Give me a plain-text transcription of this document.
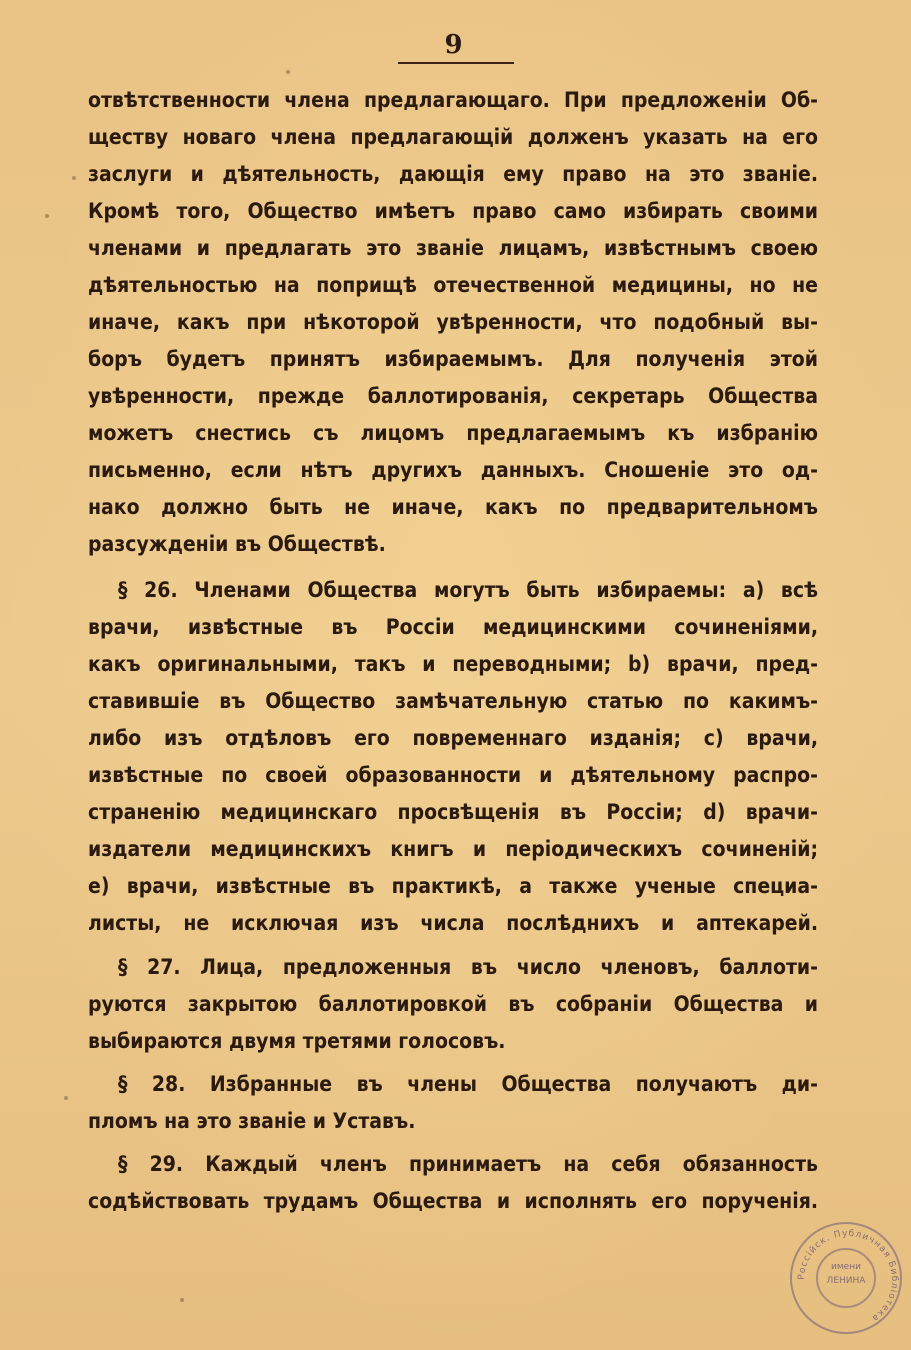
9
отвѣтственности члена предлагающаго. При предложеніи Об-
ществу новаго члена предлагающій долженъ указать на его
заслуги и дѣятельность, дающія ему право на это званіе.
Кромѣ того, Общество имѣетъ право само избирать своими
членами и предлагать это званіе лицамъ, извѣстнымъ своею
дѣятельностью на поприщѣ отечественной медицины, но не
иначе, какъ при нѣкоторой увѣренности, что подобный вы-
боръ будетъ принятъ избираемымъ. Для полученія этой
увѣренности, прежде баллотированія, секретарь Общества
можетъ снестись съ лицомъ предлагаемымъ къ избранію
письменно, если нѣтъ другихъ данныхъ. Сношеніе это од-
нако должно быть не иначе, какъ по предварительномъ
разсужденіи въ Обществѣ.
§ 26. Членами Общества могутъ быть избираемы: a) всѣ
врачи, извѣстные въ Россіи медицинскими сочиненіями,
какъ оригинальными, такъ и переводными; b) врачи, пред-
ставившіе въ Общество замѣчательную статью по какимъ-
либо изъ отдѣловъ его повременнаго изданія; c) врачи,
извѣстные по своей образованности и дѣятельному распро-
страненію медицинскаго просвѣщенія въ Россіи; d) врачи-
издатели медицинскихъ книгъ и періодическихъ сочиненій;
e) врачи, извѣстные въ практикѣ, а также ученые специа-
листы, не исключая изъ числа послѣднихъ и аптекарей.
§ 27. Лица, предложенныя въ число членовъ, баллоти-
руются закрытою баллотировкой въ собраніи Общества и
выбираются двумя третями голосовъ.
§ 28. Избранные въ члены Общества получаютъ ди-
пломъ на это званіе и Уставъ.
§ 29. Каждый членъ принимаетъ на себя обязанность
содѣйствовать трудамъ Общества и исполнять его порученія.
Россійск. Публичная Библіотека
имени
ЛЕНИНА
